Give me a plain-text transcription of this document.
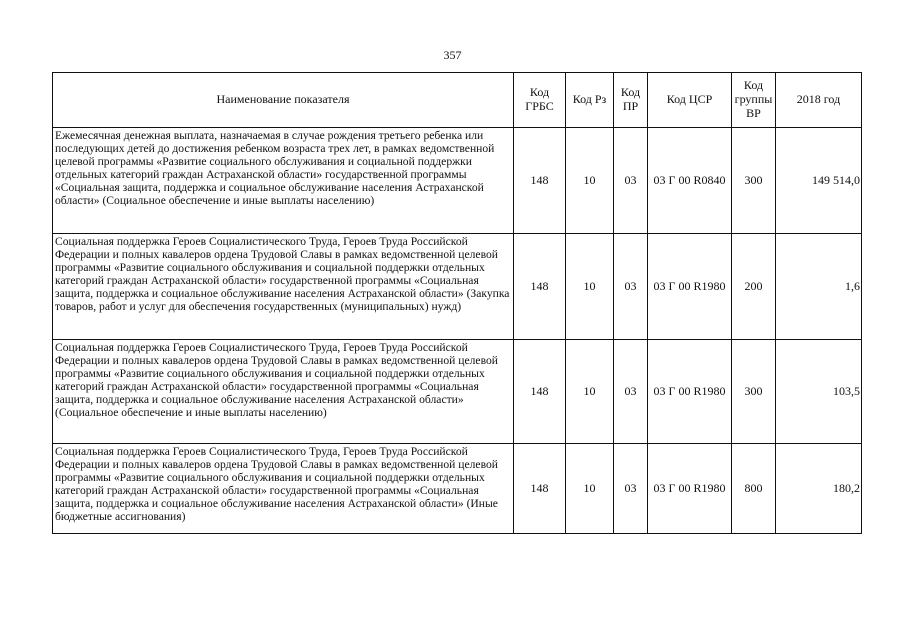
357
Наименование показателя	Код ГРБС	Код Рз	Код ПР	Код ЦСР	Код группы ВР	2018 год
Ежемесячная денежная выплата, назначаемая в случае рождения третьего ребенка или последующих детей до достижения ребенком возраста трех лет, в рамках ведомственной целевой программы «Развитие социального обслуживания и социальной поддержки отдельных категорий граждан Астраханской области» государственной программы «Социальная защита, поддержка и социальное обслуживание населения Астраханской области» (Социальное обеспечение и иные выплаты населению)	148	10	03	03 Г 00 R0840	300	149 514,0
Социальная поддержка Героев Социалистического Труда, Героев Труда Российской Федерации и полных кавалеров ордена Трудовой Славы в рамках ведомственной целевой программы «Развитие социального обслуживания и социальной поддержки отдельных категорий граждан Астраханской области» государственной программы «Социальная защита, поддержка и социальное обслуживание населения Астраханской области» (Закупка товаров, работ и услуг для обеспечения государственных (муниципальных) нужд)	148	10	03	03 Г 00 R1980	200	1,6
Социальная поддержка Героев Социалистического Труда, Героев Труда Российской Федерации и полных кавалеров ордена Трудовой Славы в рамках ведомственной целевой программы «Развитие социального обслуживания и социальной поддержки отдельных категорий граждан Астраханской области» государственной программы «Социальная защита, поддержка и социальное обслуживание населения Астраханской области» (Социальное обеспечение и иные выплаты населению)	148	10	03	03 Г 00 R1980	300	103,5
Социальная поддержка Героев Социалистического Труда, Героев Труда Российской Федерации и полных кавалеров ордена Трудовой Славы в рамках ведомственной целевой программы «Развитие социального обслуживания и социальной поддержки отдельных категорий граждан Астраханской области» государственной программы «Социальная защита, поддержка и социальное обслуживание населения Астраханской области» (Иные бюджетные ассигнования)	148	10	03	03 Г 00 R1980	800	180,2
